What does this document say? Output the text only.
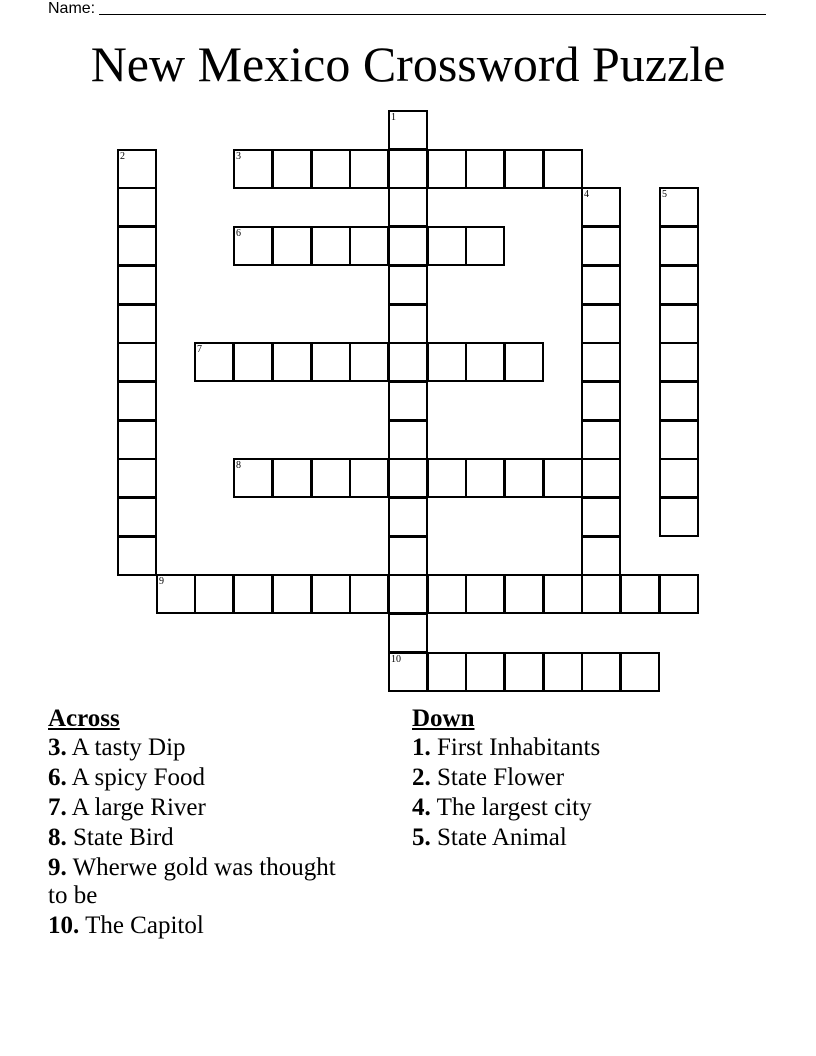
Name:
New Mexico Crossword Puzzle
1
10
2	3
4	5
6
7
8
9
Across
3. A tasty Dip
6. A spicy Food
7. A large River
8. State Bird
9. Wherwe gold was thought to be
10. The Capitol
Down
1. First Inhabitants
2. State Flower
4. The largest city
5. State Animal
